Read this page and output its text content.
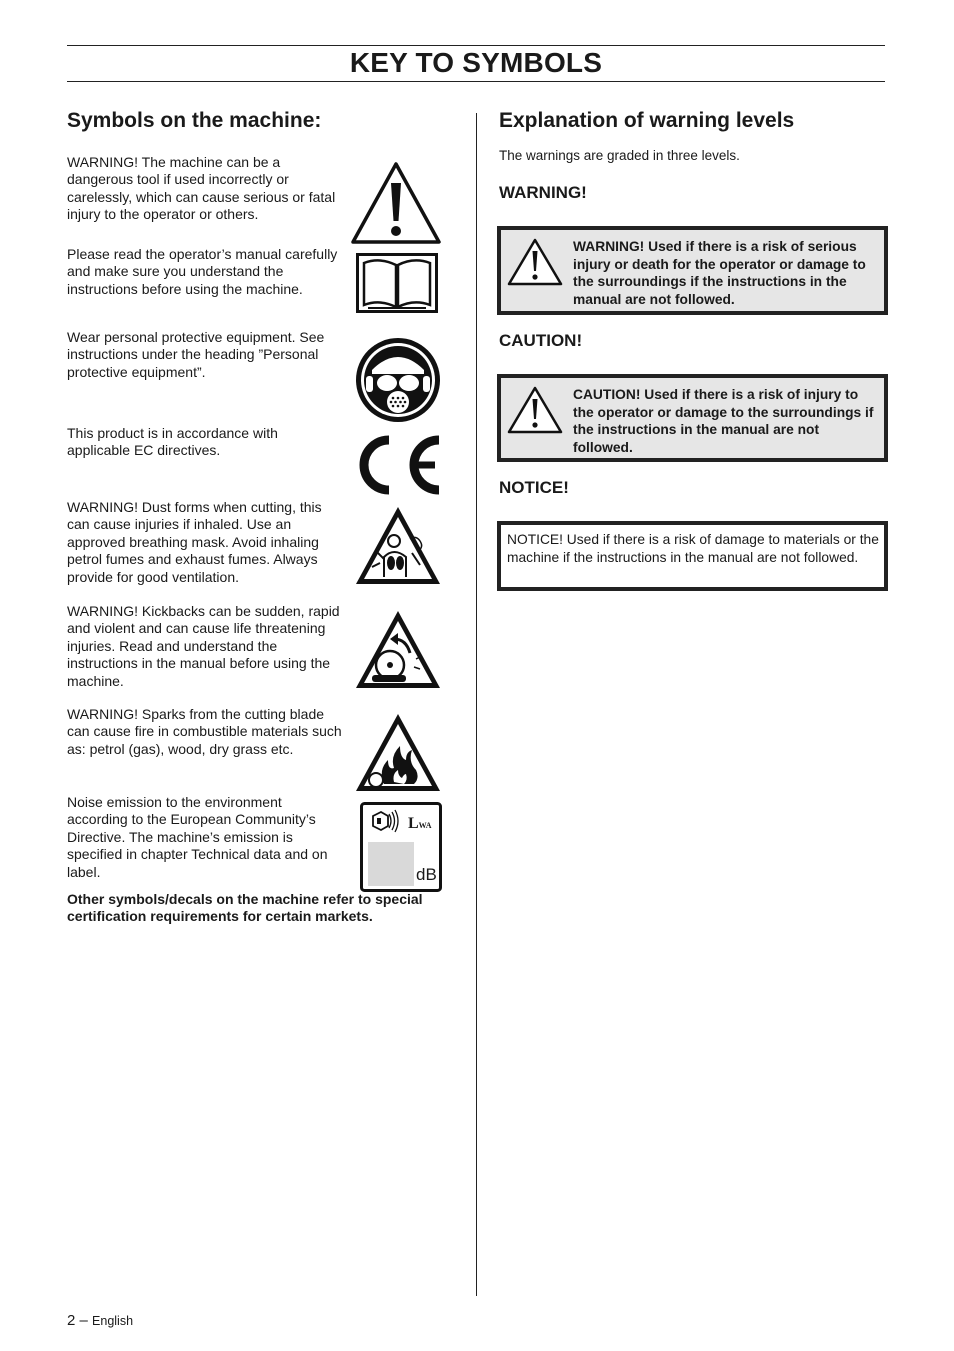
KEY TO SYMBOLS
Symbols on the machine:

WARNING! The machine can be a dangerous tool if used incorrectly or carelessly, which can cause serious or fatal injury to the operator or others.

Please read the operator’s manual carefully and make sure you understand the instructions before using the machine.

Wear personal protective equipment. See instructions under the heading ”Personal protective equipment”.

This product is in accordance with applicable EC directives.

WARNING! Dust forms when cutting, this can cause injuries if inhaled. Use an approved breathing mask. Avoid inhaling petrol fumes and exhaust fumes. Always provide for good ventilation.

WARNING! Kickbacks can be sudden, rapid and violent and can cause life threatening injuries. Read and understand the instructions in the manual before using the machine.

WARNING! Sparks from the cutting blade can cause fire in combustible materials such as: petrol (gas), wood, dry grass etc.

Noise emission to the environment according to the European Community’s Directive. The machine’s emission is specified in chapter Technical data and on label.

LWA
dB

Other symbols/decals on the machine refer to special certification requirements for certain markets.

Explanation of warning levels

The warnings are graded in three levels.

WARNING!

WARNING! Used if there is a risk of serious injury or death for the operator or damage to the surroundings if the instructions in the manual are not followed.

CAUTION!

CAUTION! Used if there is a risk of injury to the operator or damage to the surroundings if the instructions in the manual are not followed.

NOTICE!

NOTICE! Used if there is a risk of damage to materials or the machine if the instructions in the manual are not followed.

2 – English
